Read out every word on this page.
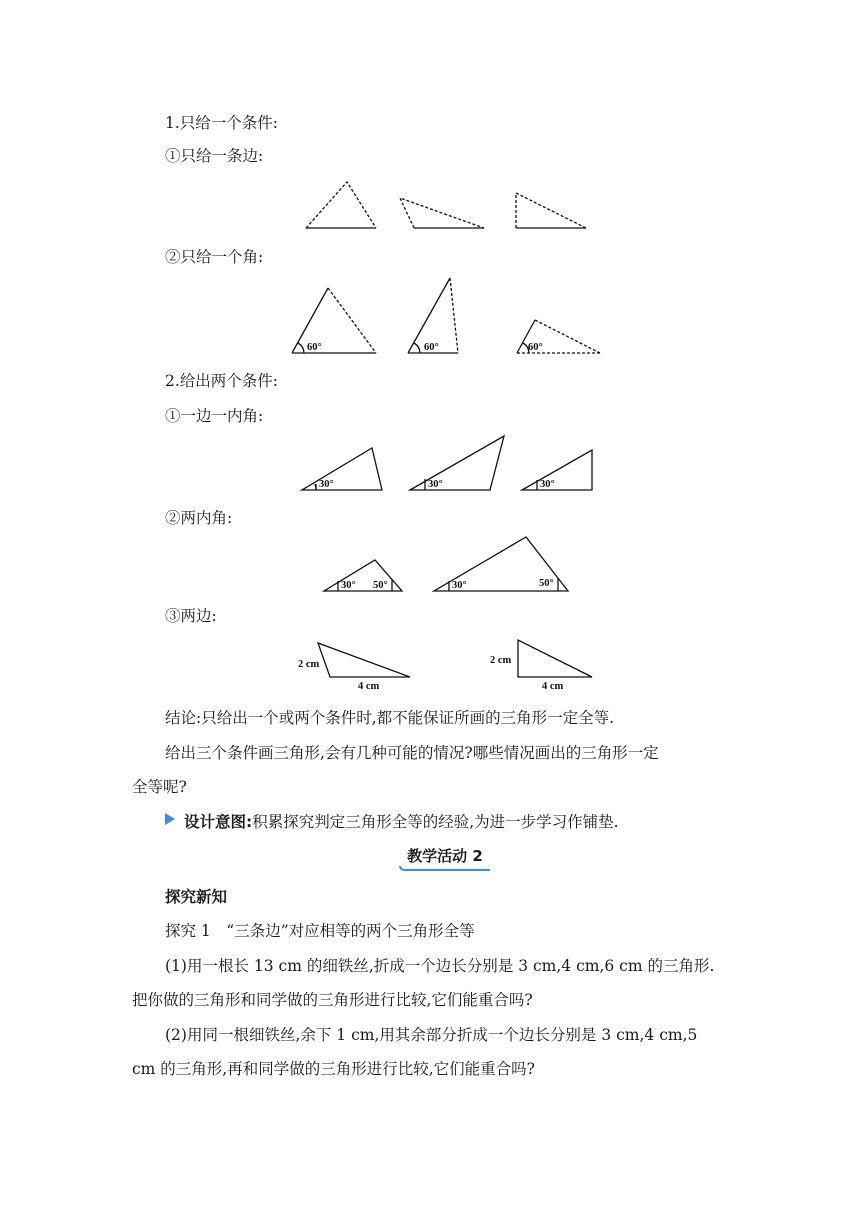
1.只给一个条件:
①只给一条边:
②只给一个角:
2.给出两个条件:
①一边一内角:
②两内角:
③两边:
结论:只给出一个或两个条件时,都不能保证所画的三角形一定全等.
给出三个条件画三角形,会有几种可能的情况?哪些情况画出的三角形一定
全等呢?
设计意图:积累探究判定三角形全等的经验,为进一步学习作铺垫.
教学活动 2
探究新知
探究 1　“三条边”对应相等的两个三角形全等
(1)用一根长 13 cm 的细铁丝,折成一个边长分别是 3 cm,4 cm,6 cm 的三角形.
把你做的三角形和同学做的三角形进行比较,它们能重合吗?
(2)用同一根细铁丝,余下 1 cm,用其余部分折成一个边长分别是 3 cm,4 cm,5
cm 的三角形,再和同学做的三角形进行比较,它们能重合吗?
60°	60°	60°
30°	30°	30°
30° 50°	30°	50°
2 cm
4 cm
2 cm
4 cm
